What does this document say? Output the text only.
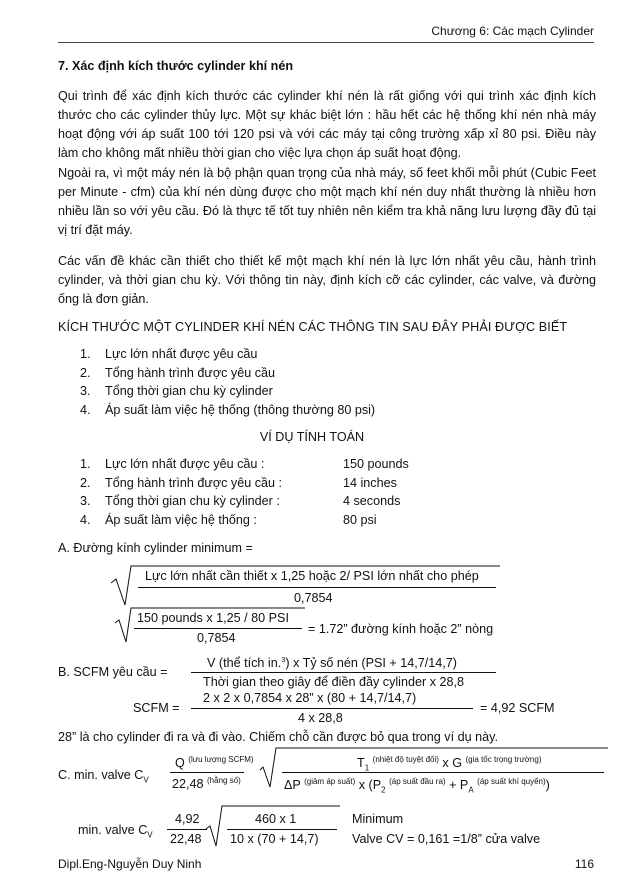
Chương 6: Các mạch Cylinder
7. Xác định kích thước cylinder khí nén
Qui trình để xác định kích thước các cylinder khí nén là rất giống với qui trình xác định kích thước cho các cylinder thủy lực. Một sự khác biệt lớn : hầu hết các hệ thống khí nén nhà máy hoạt động với áp suất 100 tới 120 psi và với các máy tại công trường xấp xỉ 80 psi. Điều này làm cho không mất nhiều thời gian cho việc lựa chọn áp suất hoạt động.
Ngoài ra, vì một máy nén là bộ phận quan trọng của nhà máy, số feet khối mỗi phút (Cubic Feet per Minute - cfm) của khí nén dùng được cho một mạch khí nén duy nhất thường là nhiều hơn nhiều lần so với yêu cầu. Đó là thực tế tốt tuy nhiên nên kiểm tra khả năng lưu lượng đầy đủ tại vị trí đặt máy.
Các vấn đề khác cần thiết cho thiết kế một mạch khí nén là lực lớn nhất yêu cầu, hành trình cylinder, và thời gian chu kỳ. Với thông tin này, định kích cỡ các cylinder, các valve, và đường ống là đơn giản.
KÍCH THƯỚC MỘT CYLINDER KHÍ NÉN CÁC THÔNG TIN SAU ĐÂY PHẢI ĐƯỢC BIẾT
1.	Lực lớn nhất được yêu cầu
2.	Tổng hành trình được yêu cầu
3.	Tổng thời gian chu kỳ cylinder
4.	Áp suất làm việc hệ thống (thông thường 80 psi)
VÍ DỤ TÍNH TOÁN
1.	Lực lớn nhất được yêu cầu :	150 pounds
2.	Tổng hành trình được yêu cầu :	14 inches
3.	Tổng thời gian chu kỳ cylinder :	4 seconds
4.	Áp suất làm việc hệ thống :	80 psi
A. Đường kính cylinder minimum =
Lực lớn nhất cần thiết x 1,25 hoặc 2/ PSI lớn nhất cho phép
0,7854
150 pounds x 1,25 / 80 PSI
0,7854
= 1.72” đường kính hoặc 2” nòng
B. SCFM yêu cầu =
V (thể tích in.$^3$) x Tỷ số nén (PSI + 14,7/14,7)
Thời gian theo giây để điền đầy cylinder x 28,8
SCFM =
2 x 2 x 0,7854 x 28” x (80 + 14,7/14,7)
4 x 28,8
= 4,92 SCFM
28” là cho cylinder đi ra và đi vào. Chiếm chỗ cần được bỏ qua trong ví dụ này.
C. min. valve $C_V$
Q $^{(lưu lượng SCFM)}$
22,48 $^{(hằng số)}$
$T_1$ $^{(nhiệt độ tuyệt đối)}$ x G $^{(gia tốc trọng trường)}$
ΔP $^{(giảm áp suất)}$ x ($P_2$ $^{(áp suất đầu ra)} + P_A$ $^{(áp suất khí quyển)}$)
min. valve $C_V$
4,92
22,48
460 x 1
10 x (70 + 14,7)
Minimum
Valve CV = 0,161 =1/8” cửa valve
Dipl.Eng-Nguyễn Duy Ninh	116
